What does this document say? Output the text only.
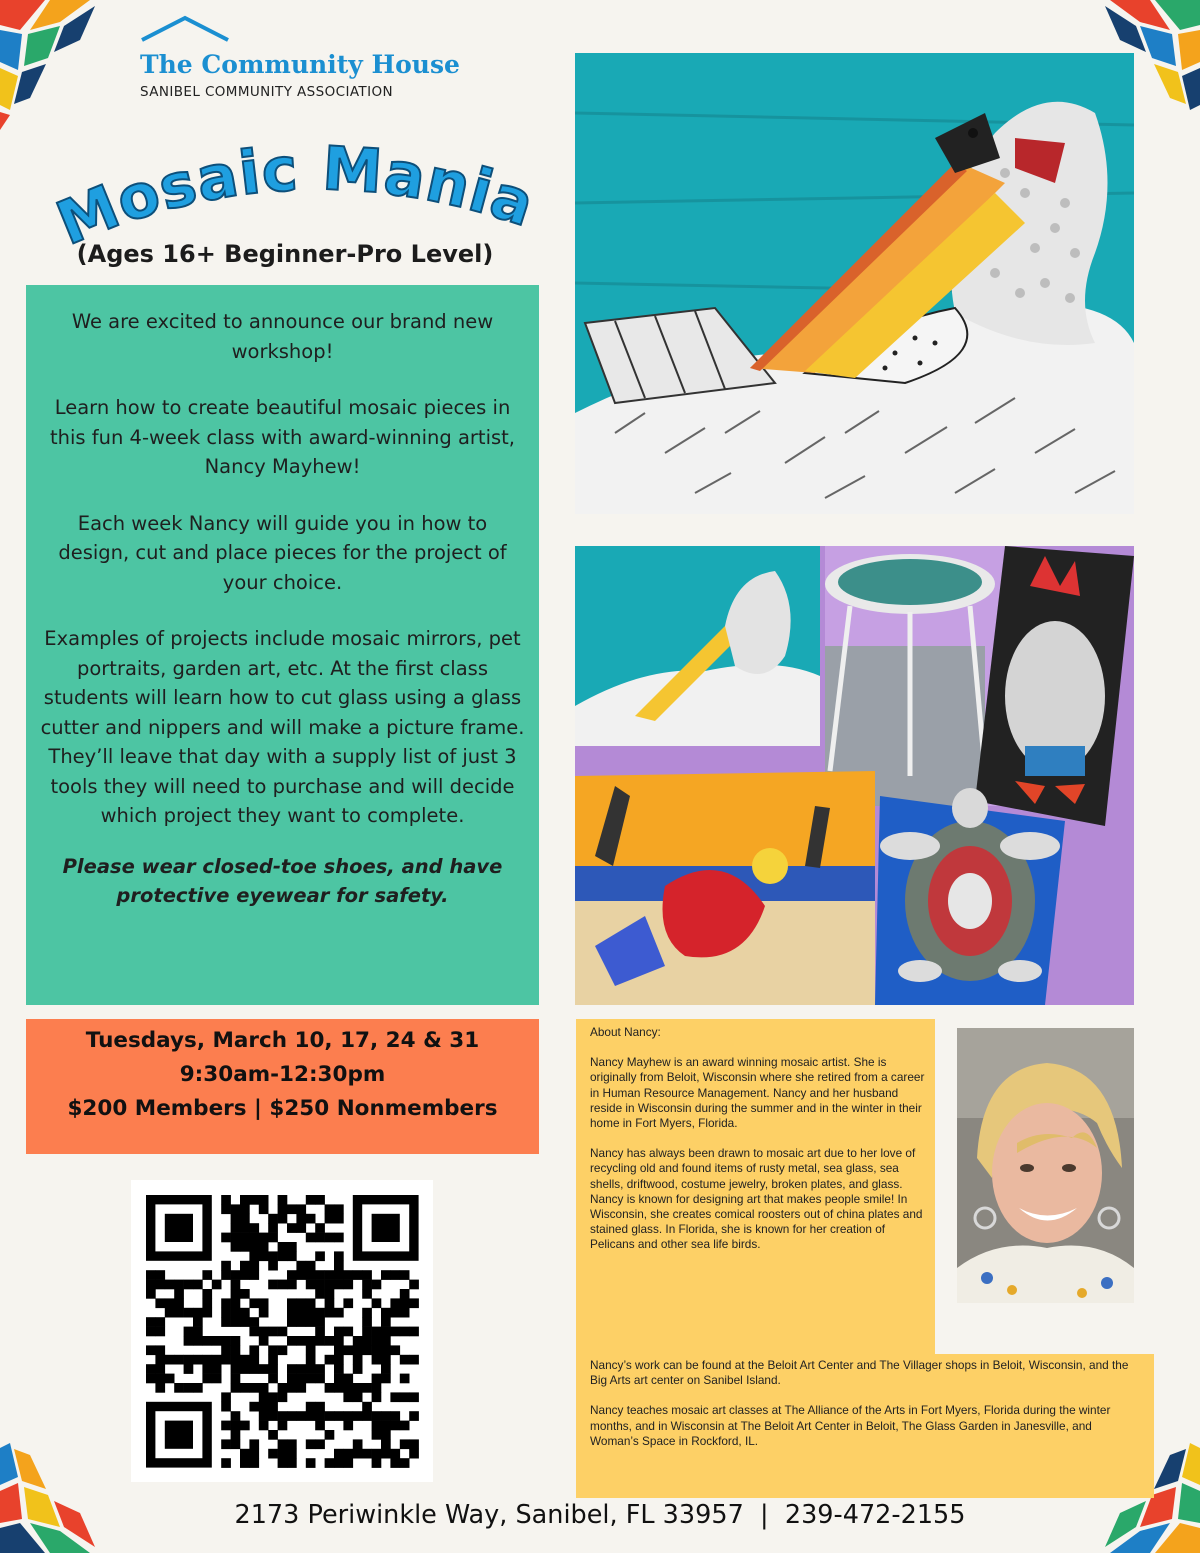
The Community House
SANIBEL COMMUNITY ASSOCIATION
Mosaic Mania
(Ages 16+ Beginner-Pro Level)

We are excited to announce our brand new workshop!

Learn how to create beautiful mosaic pieces in this fun 4-week class with award-winning artist, Nancy Mayhew!

Each week Nancy will guide you in how to design, cut and place pieces for the project of your choice.

Examples of projects include mosaic mirrors, pet portraits, garden art, etc. At the first class students will learn how to cut glass using a glass cutter and nippers and will make a picture frame. They’ll leave that day with a supply list of just 3 tools they will need to purchase and will decide which project they want to complete.

Please wear closed-toe shoes, and have protective eyewear for safety.

Tuesdays, March 10, 17, 24 & 31
9:30am-12:30pm
$200 Members | $250 Nonmembers

About Nancy:

Nancy Mayhew is an award winning mosaic artist. She is originally from Beloit, Wisconsin where she retired from a career in Human Resource Management. Nancy and her husband reside in Wisconsin during the summer and in the winter in their home in Fort Myers, Florida.

Nancy has always been drawn to mosaic art due to her love of recycling old and found items of rusty metal, sea glass, sea shells, driftwood, costume jewelry, broken plates, and glass. Nancy is known for designing art that makes people smile! In Wisconsin, she creates comical roosters out of china plates and stained glass. In Florida, she is known for her creation of Pelicans and other sea life birds.

Nancy’s work can be found at the Beloit Art Center and The Villager shops in Beloit, Wisconsin, and the Big Arts art center on Sanibel Island.

Nancy teaches mosaic art classes at The Alliance of the Arts in Fort Myers, Florida during the winter months, and in Wisconsin at The Beloit Art Center in Beloit, The Glass Garden in Janesville, and Woman’s Space in Rockford, IL.

2173 Periwinkle Way, Sanibel, FL 33957 | 239-472-2155
